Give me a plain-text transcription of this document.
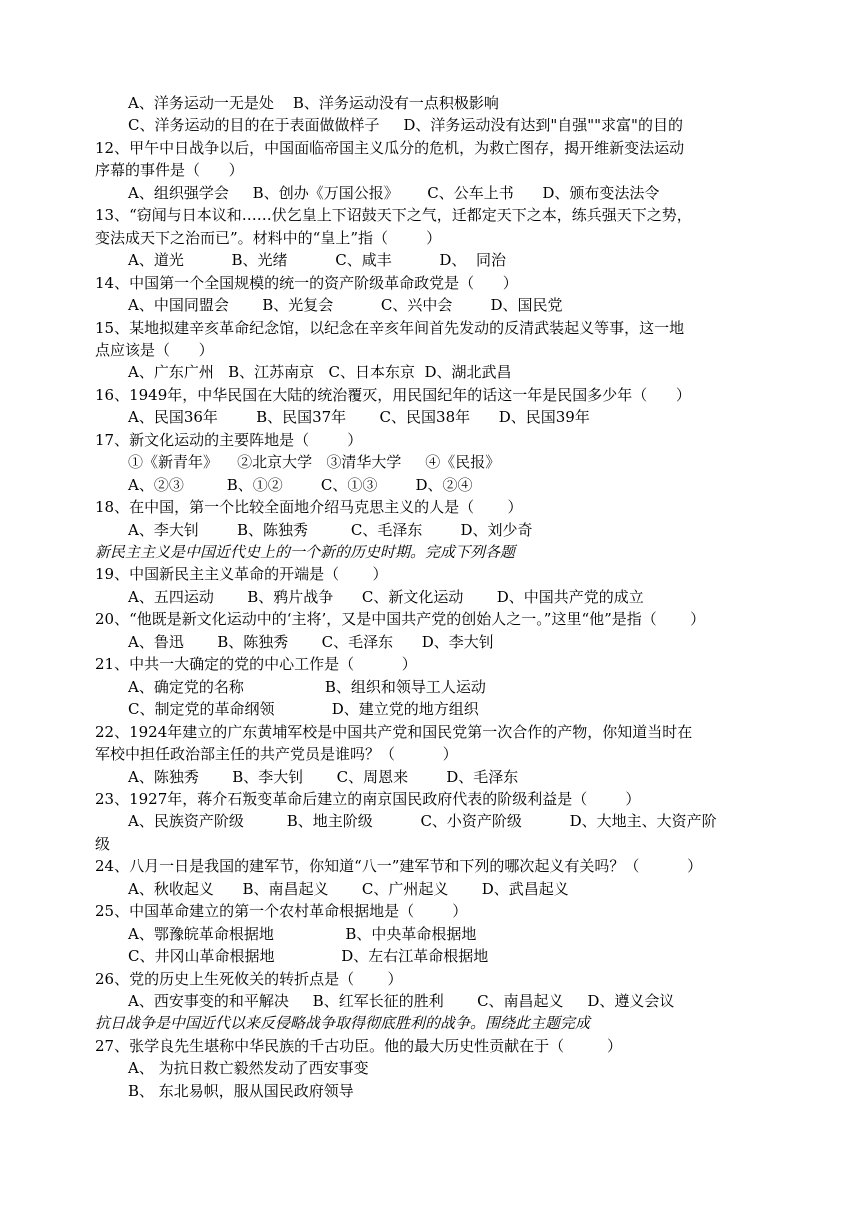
A、洋务运动一无是处    B、洋务运动没有一点积极影响
C、洋务运动的目的在于表面做做样子     D、洋务运动没有达到"自强""求富"的目的
12、甲午中日战争以后，中国面临帝国主义瓜分的危机，为救亡图存，揭开维新变法运动
序幕的事件是（      ）
A、组织强学会     B、创办《万国公报》      C、公车上书      D、颁布变法法令
13、“窃闻与日本议和……伏乞皇上下诏鼓天下之气，迁都定天下之本，练兵强天下之势，
变法成天下之治而已”。材料中的“皇上”指（        ）
A、道光          B、光绪          C、咸丰          D、  同治
14、中国第一个全国规模的统一的资产阶级革命政党是（      ）
A、中国同盟会       B、光复会          C、兴中会        D、国民党
15、某地拟建辛亥革命纪念馆，以纪念在辛亥年间首先发动的反清武装起义等事，这一地
点应该是（      ）
A、广东广州   B、江苏南京   C、日本东京  D、湖北武昌
16、1949年，中华民国在大陆的统治覆灭，用民国纪年的话这一年是民国多少年（      ）
A、民国36年        B、民国37年       C、民国38年      D、民国39年
17、新文化运动的主要阵地是（        ）
①《新青年》    ②北京大学   ③清华大学     ④《民报》
A、②③         B、①②        C、①③        D、②④
18、在中国，第一个比较全面地介绍马克思主义的人是（       ）
A、李大钊        B、陈独秀         C、毛泽东        D、刘少奇
新民主主义是中国近代史上的一个新的历史时期。完成下列各题
19、中国新民主主义革命的开端是（       ）
A、五四运动       B、鸦片战争      C、新文化运动       D、中国共产党的成立
20、“他既是新文化运动中的‘主将’，又是中国共产党的创始人之一。”这里“他”是指（       ）
A、鲁迅       B、陈独秀       C、毛泽东      D、李大钊
21、中共一大确定的党的中心工作是（          ）
A、确定党的名称                 B、组织和领导工人运动
C、制定党的革命纲领            D、建立党的地方组织
22、1924年建立的广东黄埔军校是中国共产党和国民党第一次合作的产物，你知道当时在
军校中担任政治部主任的共产党员是谁吗？（          ）
A、陈独秀       B、李大钊       C、周恩来        D、毛泽东
23、1927年，蒋介石叛变革命后建立的南京国民政府代表的阶级利益是（        ）
A、民族资产阶级         B、地主阶级          C、小资产阶级          D、大地主、大资产阶
级
24、八月一日是我国的建军节，你知道“八一”建军节和下列的哪次起义有关吗？（          ）
A、秋收起义      B、南昌起义       C、广州起义       D、武昌起义
25、中国革命建立的第一个农村革命根据地是（        ）
A、鄂豫皖革命根据地               B、中央革命根据地
C、井冈山革命根据地              D、左右江革命根据地
26、党的历史上生死攸关的转折点是（       ）
A、西安事变的和平解决     B、红军长征的胜利       C、南昌起义     D、遵义会议
抗日战争是中国近代以来反侵略战争取得彻底胜利的战争。围绕此主题完成
27、张学良先生堪称中华民族的千古功臣。他的最大历史性贡献在于（         ）
A、 为抗日救亡毅然发动了西安事变
B、 东北易帜，服从国民政府领导
